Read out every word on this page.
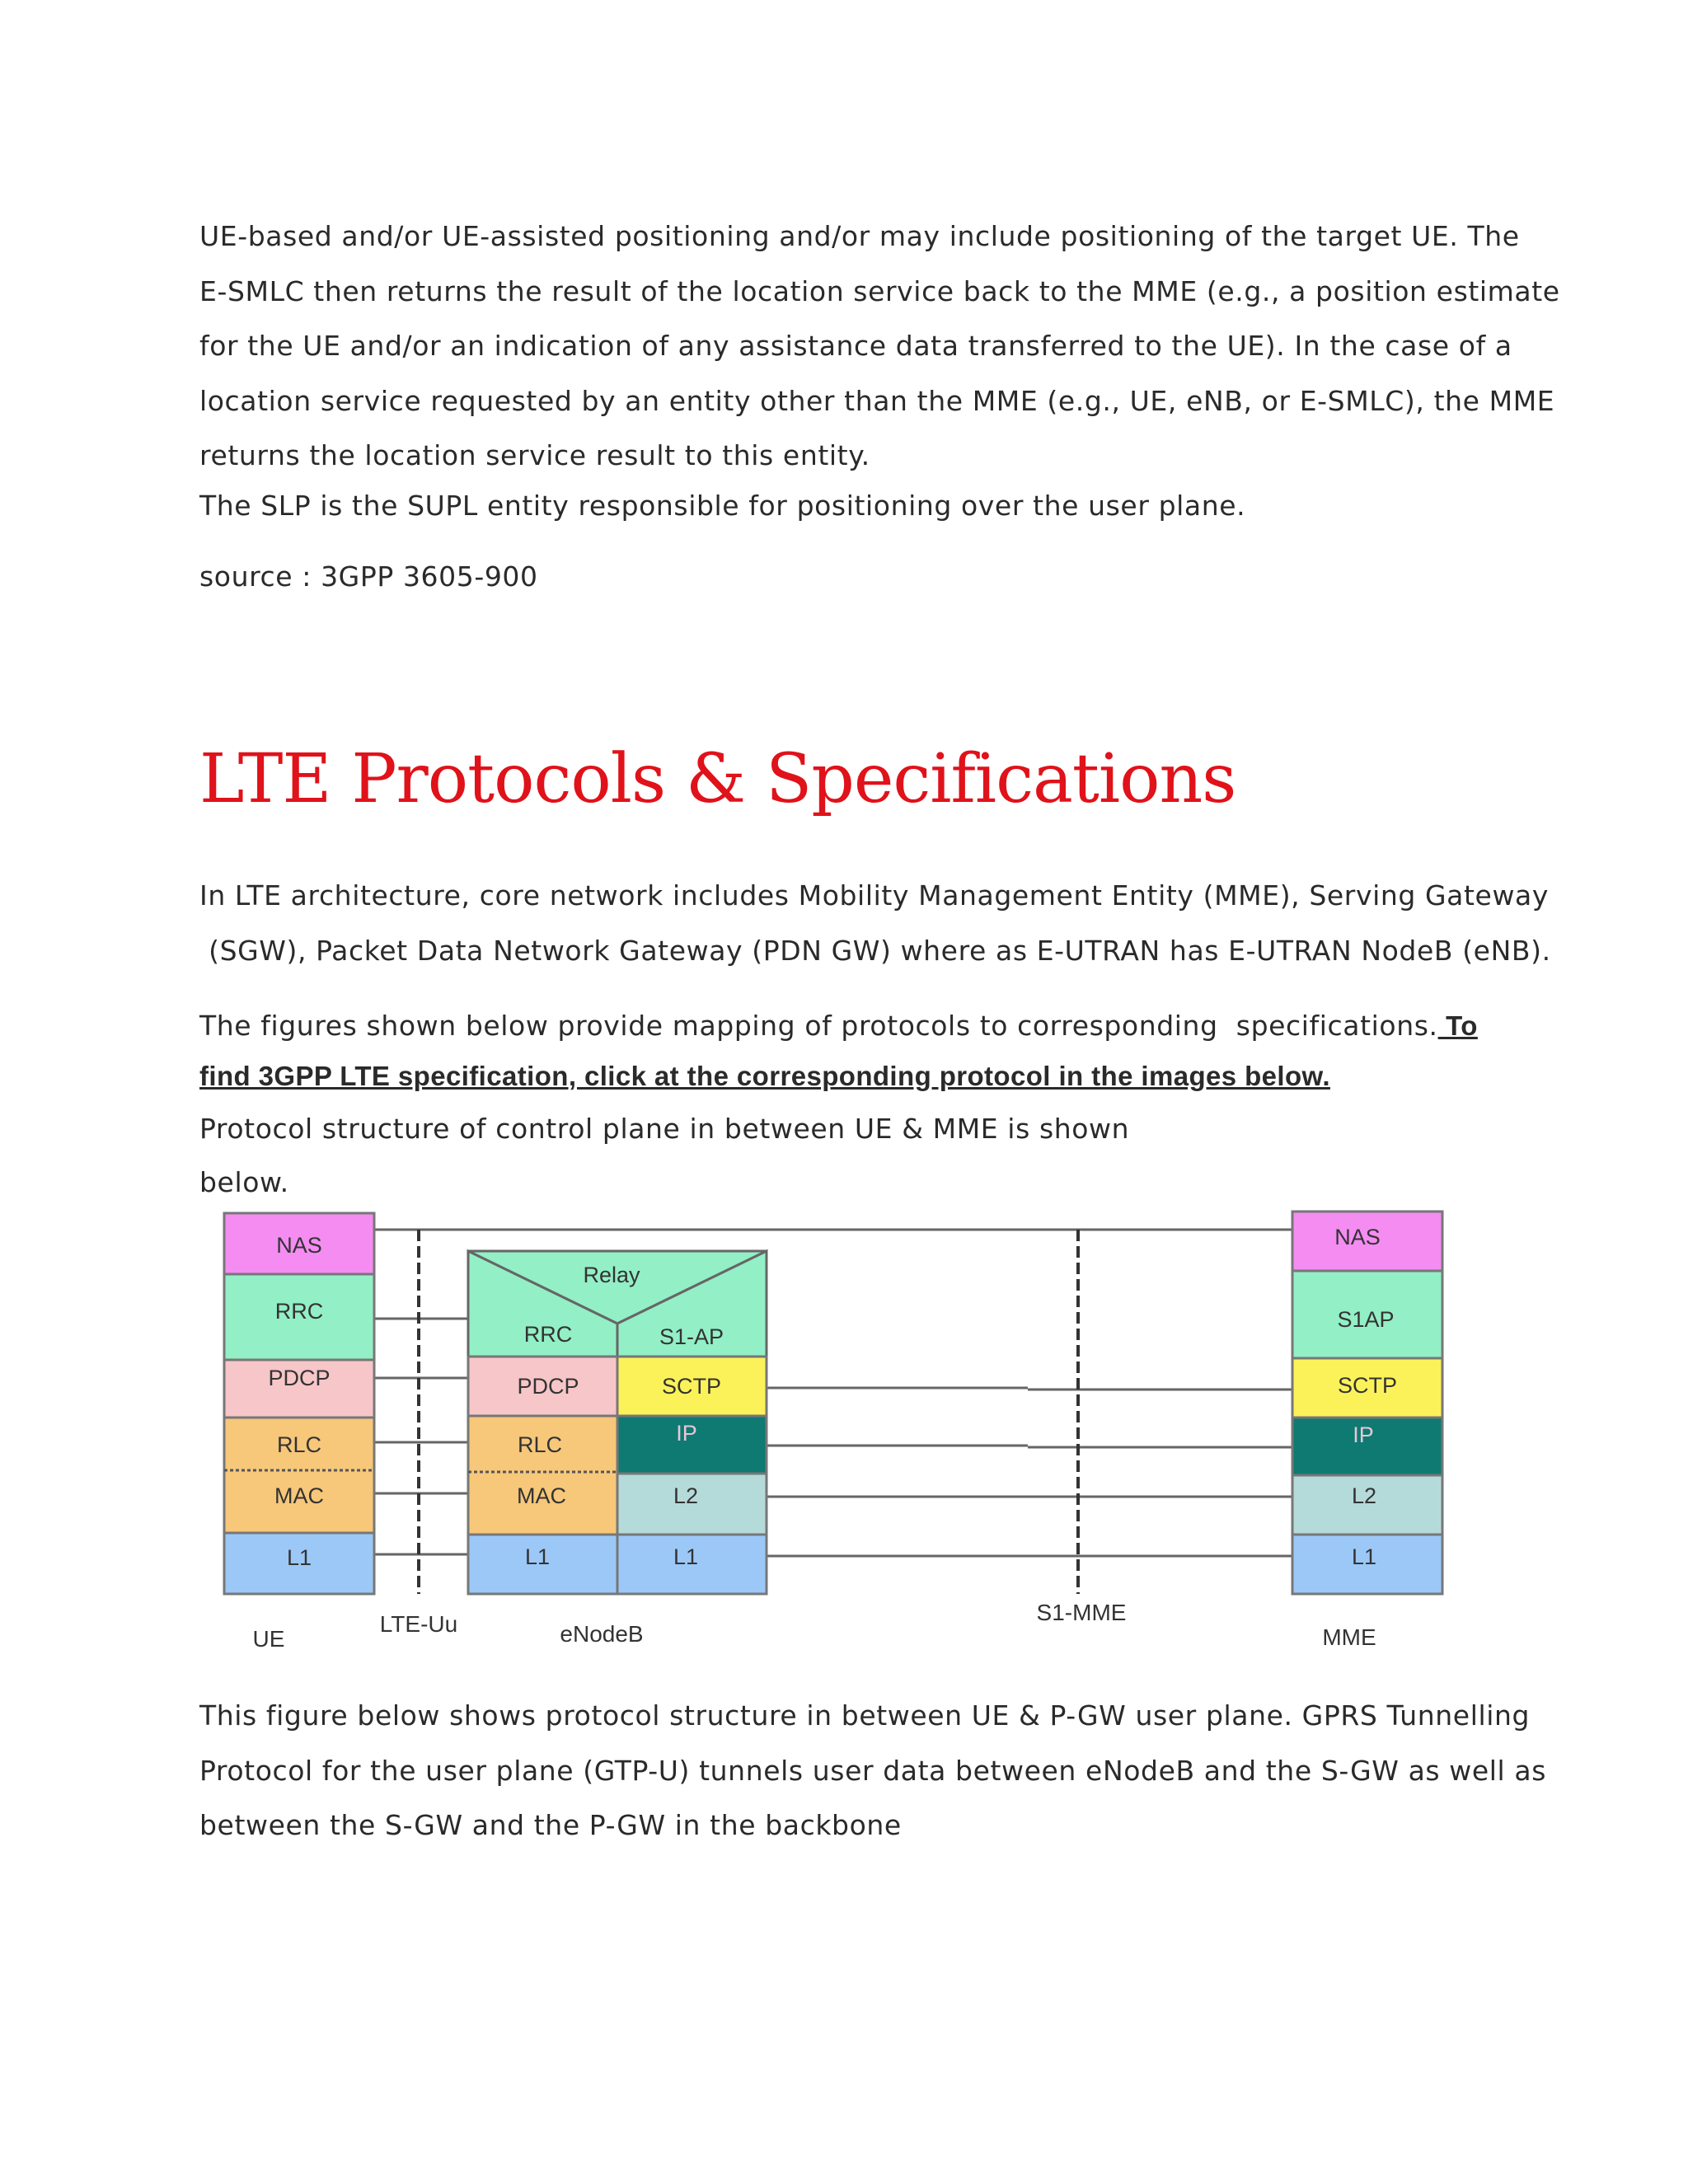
UE-based and/or UE-assisted positioning and/or may include positioning of the target UE. The
E-SMLC then returns the result of the location service back to the MME (e.g., a position estimate
for the UE and/or an indication of any assistance data transferred to the UE). In the case of a
location service requested by an entity other than the MME (e.g., UE, eNB, or E-SMLC), the MME
returns the location service result to this entity.
The SLP is the SUPL entity responsible for positioning over the user plane.
source : 3GPP 3605-900
LTE Protocols & Specifications
In LTE architecture, core network includes Mobility Management Entity (MME), Serving Gateway
(SGW), Packet Data Network Gateway (PDN GW) where as E-UTRAN has E-UTRAN NodeB (eNB).
The figures shown below provide mapping of protocols to corresponding  specifications. To
find 3GPP LTE specification, click at the corresponding protocol in the images below.
Protocol structure of control plane in between UE & MME is shown
below.
NAS
RRC
PDCP
RLC
MAC
L1
Relay
RRC
PDCP
RLC
MAC
L1
S1-AP
SCTP
IP
L2
L1
NAS
S1AP
SCTP
IP
L2
L1
UE
LTE-Uu	eNodeB
S1-MME
MME
This figure below shows protocol structure in between UE & P-GW user plane. GPRS Tunnelling
Protocol for the user plane (GTP-U) tunnels user data between eNodeB and the S-GW as well as
between the S-GW and the P-GW in the backbone
